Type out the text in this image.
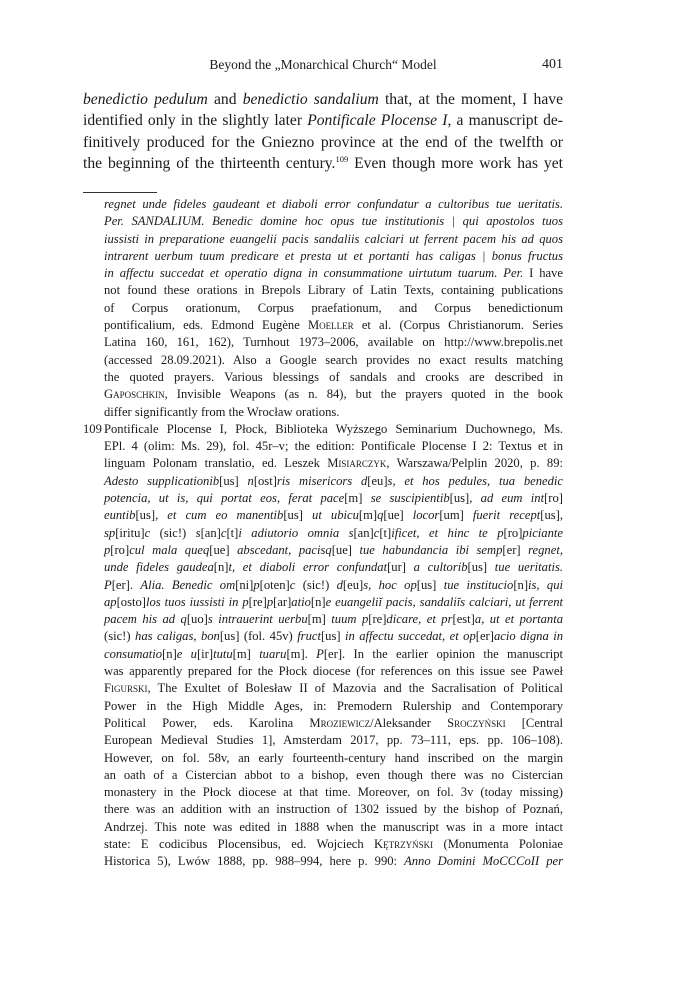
Beyond the „Monarchical Church“ Model	401
benedictio pedulum and benedictio sandalium that, at the moment, I have
identified only in the slightly later Pontificale Plocense I, a manuscript de-
finitively produced for the Gniezno province at the end of the twelfth or
the beginning of the thirteenth century.$^{109}$ Even though more work has yet
regnet unde fideles gaudeant et diaboli error confundatur a cultoribus tue ueritatis.
Per. SANDALIUM. Benedic domine hoc opus tue institutionis | qui apostolos tuos
iussisti in preparatione euangelii pacis sandaliis calciari ut ferrent pacem his ad quos
intrarent uerbum tuum predicare et presta ut et portanti has caligas | bonus fructus
in affectu succedat et operatio digna in consummatione uirtutum tuarum. Per. I have
not found these orations in Brepols Library of Latin Texts, containing publications
of Corpus orationum, Corpus praefationum, and Corpus benedictionum
pontificalium, eds. Edmond Eugène Moeller et al. (Corpus Christianorum. Series
Latina 160, 161, 162), Turnhout 1973–2006, available on http://www.brepolis.net
(accessed 28.09.2021). Also a Google search provides no exact results matching
the quoted prayers. Various blessings of sandals and crooks are described in
Gaposchkin, Invisible Weapons (as n. 84), but the prayers quoted in the book
differ significantly from the Wrocław orations.
109 Pontificale Plocense I, Płock, Biblioteka Wyższego Seminarium Duchownego, Ms.
EPl. 4 (olim: Ms. 29), fol. 45r–v; the edition: Pontificale Plocense I 2: Textus et in
linguam Polonam translatio, ed. Leszek Misiarczyk, Warszawa/Pelplin 2020, p. 89:
Adesto supplicationib[us] n[ost]ris misericors d[eu]s, et hos pedules, tua benedic
potencia, ut is, qui portat eos, ferat pace[m] se suscipientib[us], ad eum int[ro]
euntib[us], et cum eo manentib[us] ut ubicu[m]q[ue] locor[um] fuerit recept[us],
sp[iritu]c (sic!) s[an]c[t]i adiutorio omnia s[an]c[t]ificet, et hinc te p[ro]piciante
p[ro]cul mala queq[ue] abscedant, pacisq[ue] tue habundancia ibi semp[er] regnet,
unde fideles gaudea[n]t, et diaboli error confundat[ur] a cultorib[us] tue ueritatis.
P[er]. Alia. Benedic om[ni]p[oten]c (sic!) d[eu]s, hoc op[us] tue institucio[n]is, qui
ap[osto]los tuos iussisti in p[re]p[ar]atio[n]e euangeliĭ pacis, sandaliĭs calciari, ut ferrent
pacem his ad q[uo]s intrauerint uerbu[m] tuum p[re]dicare, et pr[est]a, ut et portanta
(sic!) has caligas, bon[us] (fol. 45v) fruct[us] in affectu succedat, et op[er]acio digna in
consumatio[n]e u[ir]tutu[m] tuaru[m]. P[er]. In the earlier opinion the manuscript
was apparently prepared for the Płock diocese (for references on this issue see Paweł
Figurski, The Exultet of Bolesław II of Mazovia and the Sacralisation of Political
Power in the High Middle Ages, in: Premodern Rulership and Contemporary
Political Power, eds. Karolina Mroziewicz/Aleksander Sroczyński [Central
European Medieval Studies 1], Amsterdam 2017, pp. 73–111, eps. pp. 106–108).
However, on fol. 58v, an early fourteenth-century hand inscribed on the margin
an oath of a Cistercian abbot to a bishop, even though there was no Cistercian
monastery in the Płock diocese at that time. Moreover, on fol. 3v (today missing)
there was an addition with an instruction of 1302 issued by the bishop of Poznań,
Andrzej. This note was edited in 1888 when the manuscript was in a more intact
state: E codicibus Plocensibus, ed. Wojciech Kętrzyński (Monumenta Poloniae
Historica 5), Lwów 1888, pp. 988–994, here p. 990: Anno Domini MoCCCoII per
